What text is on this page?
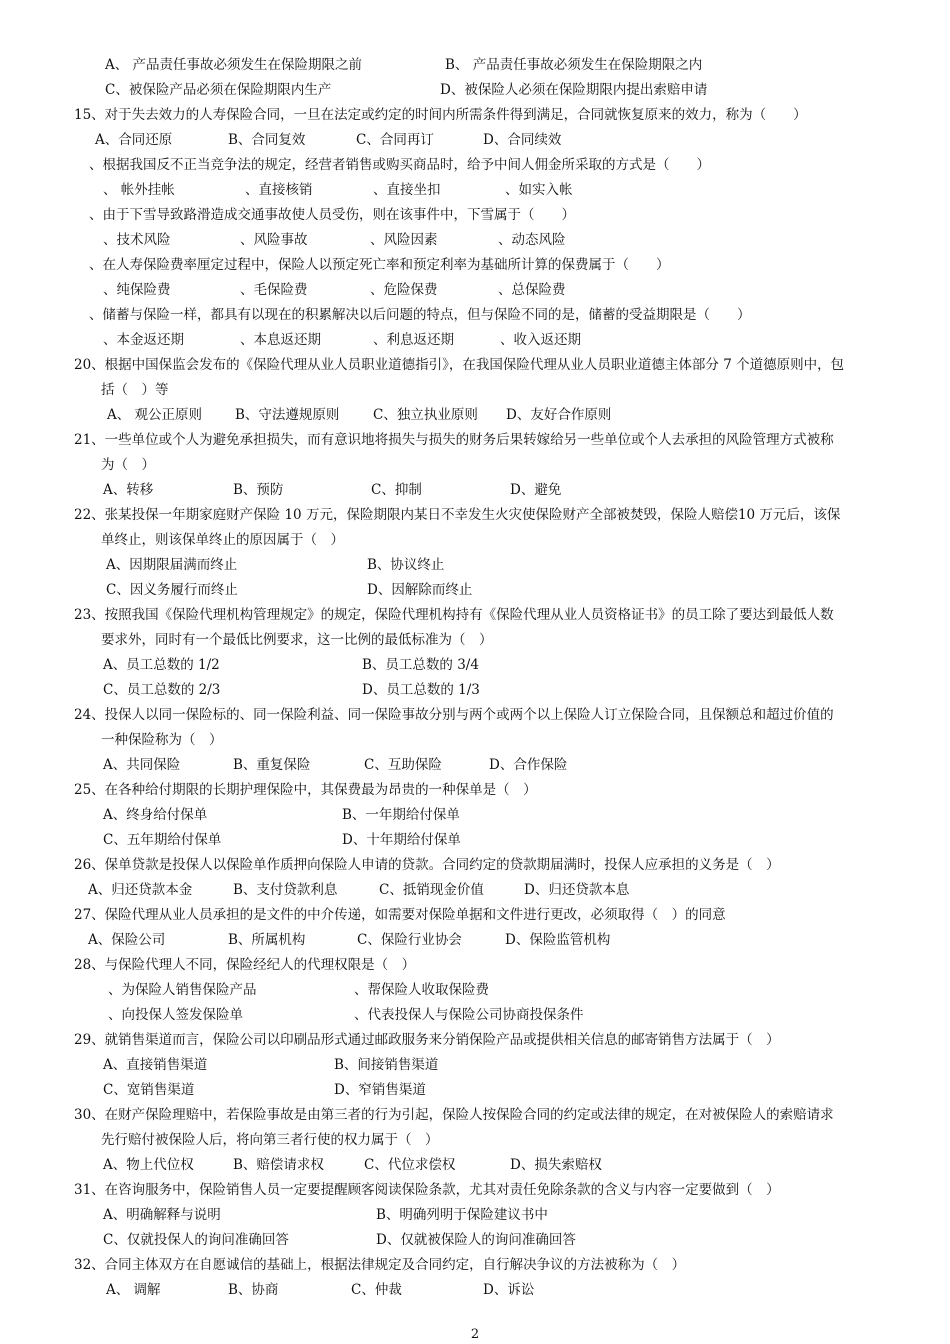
A、 产品责任事故必须发生在保险期限之前	B、 产品责任事故必须发生在保险期限之内
C、被保险产品必须在保险期限内生产	D、被保险人必须在保险期限内提出索赔申请
15、对于失去效力的人寿保险合同，一旦在法定或约定的时间内所需条件得到满足，合同就恢复原来的效力，称为（　　）
A、合同还原	B、合同复效	C、合同再订	D、合同续效
、根据我国反不正当竞争法的规定，经营者销售或购买商品时，给予中间人佣金所采取的方式是（　　）
、 帐外挂帐	、直接核销	、直接坐扣	、如实入帐
、由于下雪导致路滑造成交通事故使人员受伤，则在该事件中，下雪属于（　　）
、技术风险	、风险事故	、风险因素	、动态风险
、在人寿保险费率厘定过程中，保险人以预定死亡率和预定利率为基础所计算的保费属于（　　）
、纯保险费	、毛保险费	、危险保费	、总保险费
、储蓄与保险一样，都具有以现在的积累解决以后问题的特点，但与保险不同的是，储蓄的受益期限是（　　）
、本金返还期	、本息返还期	、利息返还期	、收入返还期
20、根据中国保监会发布的《保险代理从业人员职业道德指引》，在我国保险代理从业人员职业道德主体部分 7 个道德原则中，包
括（　）等
A、 观公正原则 B、守法遵规原则 C、独立执业原则 D、友好合作原则
21、一些单位或个人为避免承担损失，而有意识地将损失与损失的财务后果转嫁给另一些单位或个人去承担的风险管理方式被称
为（　）
A、转移	B、预防	C、抑制	D、避免
22、张某投保一年期家庭财产保险 10 万元，保险期限内某日不幸发生火灾使保险财产全部被焚毁，保险人赔偿10 万元后，该保
单终止，则该保单终止的原因属于（　）
A、因期限届满而终止	B、协议终止
C、因义务履行而终止	D、因解除而终止
23、按照我国《保险代理机构管理规定》的规定，保险代理机构持有《保险代理从业人员资格证书》的员工除了要达到最低人数
要求外，同时有一个最低比例要求，这一比例的最低标准为（　）
A、员工总数的 1/2	B、员工总数的 3/4
C、员工总数的 2/3	D、员工总数的 1/3
24、投保人以同一保险标的、同一保险利益、同一保险事故分别与两个或两个以上保险人订立保险合同，且保额总和超过价值的
一种保险称为（　）
A、共同保险	B、重复保险	C、互助保险	D、合作保险
25、在各种给付期限的长期护理保险中，其保费最为昂贵的一种保单是（　）
A、终身给付保单	B、一年期给付保单
C、五年期给付保单	D、十年期给付保单
26、保单贷款是投保人以保险单作质押向保险人申请的贷款。合同约定的贷款期届满时，投保人应承担的义务是（　）
A、归还贷款本金	B、支付贷款利息	C、抵销现金价值	D、归还贷款本息
27、保险代理从业人员承担的是文件的中介传递，如需要对保险单据和文件进行更改，必须取得（　）的同意
A、保险公司	B、所属机构	C、保险行业协会	D、保险监管机构
28、与保险代理人不同，保险经纪人的代理权限是（　）
、为保险人销售保险产品	、帮保险人收取保险费
、向投保人签发保险单	、代表投保人与保险公司协商投保条件
29、就销售渠道而言，保险公司以印刷品形式通过邮政服务来分销保险产品或提供相关信息的邮寄销售方法属于（　）
A、直接销售渠道	B、间接销售渠道
C、宽销售渠道	D、窄销售渠道
30、在财产保险理赔中，若保险事故是由第三者的行为引起，保险人按保险合同的约定或法律的规定，在对被保险人的索赔请求
先行赔付被保险人后，将向第三者行使的权力属于（　）
A、物上代位权	B、赔偿请求权	C、代位求偿权	D、损失索赔权
31、在咨询服务中，保险销售人员一定要提醒顾客阅读保险条款，尤其对责任免除条款的含义与内容一定要做到（　）
A、明确解释与说明	B、明确列明于保险建议书中
C、仅就投保人的询问准确回答	D、仅就被保险人的询问准确回答
32、合同主体双方在自愿诚信的基础上，根据法律规定及合同约定，自行解决争议的方法被称为（　）
A、 调解	B、协商	C、仲裁	D、诉讼
2
